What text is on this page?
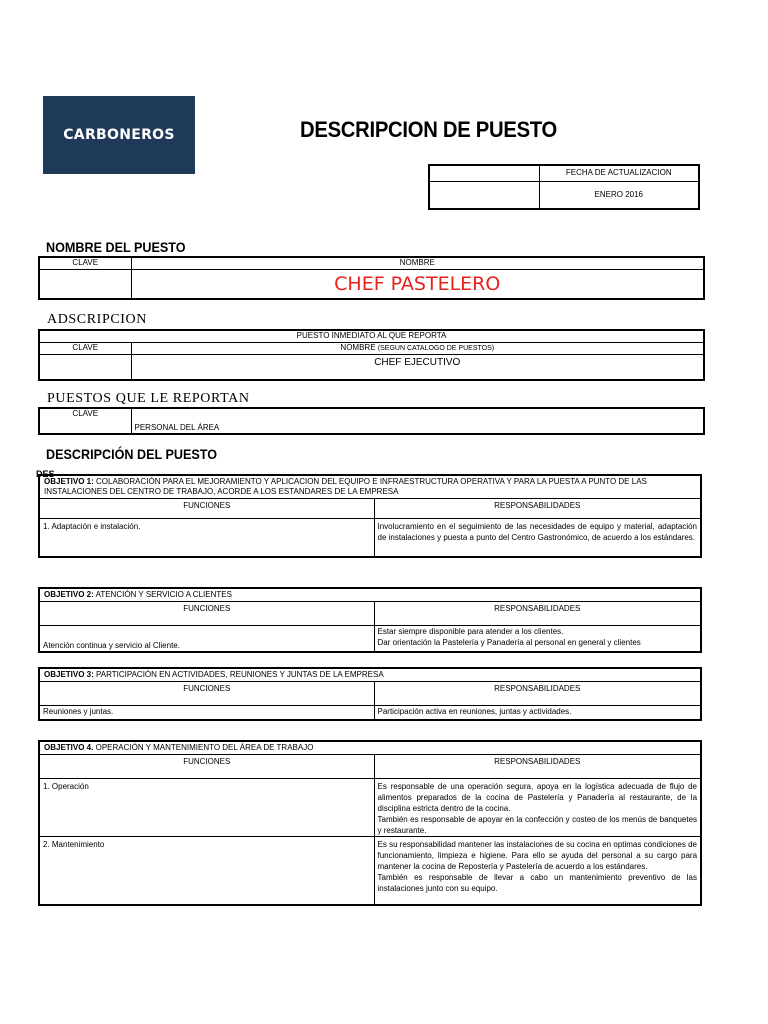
CARBONEROS	DESCRIPCION DE PUESTO
	FECHA DE ACTUALIZACION
	ENERO 2016
NOMBRE DEL PUESTO
CLAVE	NOMBRE
	CHEF PASTELERO
ADSCRIPCION
PUESTO INMEDIATO AL QUE REPORTA	
CLAVE	NOMBRE (SEGUN CATALOGO DE PUESTOS)
	CHEF EJECUTIVO
PUESTOS QUE LE REPORTAN
CLAVE	
	PERSONAL DEL ÁREA
DESCRIPCIÓN DEL PUESTO
DES
OBJETIVO 1: COLABORACIÓN PARA EL MEJORAMIENTO Y APLICACION DEL EQUIPO E INFRAESTRUCTURA OPERATIVA Y PARA LA PUESTA A PUNTO DE LAS INSTALACIONES DEL CENTRO DE TRABAJO, ACORDE A LOS ESTANDARES DE LA EMPRESA	
FUNCIONES	RESPONSABILIDADES
1. Adaptación e instalación.	Involucramiento en el seguimiento de las necesidades de equipo y material, adaptación de instalaciones y puesta a punto del Centro Gastronómico, de acuerdo a los estándares.
OBJETIVO 2: ATENCIÓN Y SERVICIO A CLIENTES	
FUNCIONES	RESPONSABILIDADES
Atención continua y servicio al Cliente.	Estar siempre disponible para atender a los clientes.
Dar orientación la Pastelería y Panadería al personal en general y clientes
OBJETIVO 3: PARTICIPACIÓN EN ACTIVIDADES, REUNIONES Y JUNTAS DE LA EMPRESA	
FUNCIONES	RESPONSABILIDADES
Reuniones y juntas.	Participación activa en reuniones, juntas y actividades.
OBJETIVO 4. OPERACIÓN Y MANTENIMIENTO DEL ÁREA DE TRABAJO	
FUNCIONES	RESPONSABILIDADES
1. Operación	Es responsable de una operación segura, apoya en la logística adecuada de flujo de alimentos preparados de la cocina de Pastelería y Panadería al restaurante, de la disciplina estricta dentro de la cocina.
También es responsable de apoyar en la confección y costeo de los menús de banquetes y restaurante.

2. Mantenimiento	Es su responsabilidad mantener las instalaciones de su cocina en optimas condiciones de funcionamiento, limpieza e higiene. Para ello se ayuda del personal a su cargo para mantener la cocina de Repostería y Pastelería de acuerdo a los estándares.
También es responsable de llevar a cabo un mantenimiento preventivo de las instalaciones junto con su equipo.
